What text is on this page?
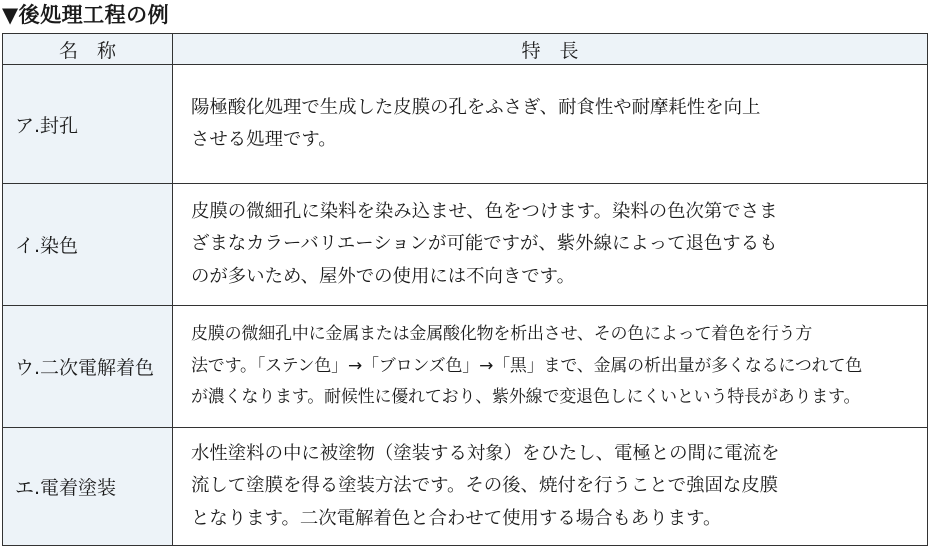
▼後処理工程の例
名　称	特　長
ア.封孔	陽極酸化処理で生成した皮膜の孔をふさぎ、耐食性や耐摩耗性を向上
させる処理です。

イ.染色	皮膜の微細孔に染料を染み込ませ、色をつけます。染料の色次第でさま
ざまなカラーバリエーションが可能ですが、紫外線によって退色するも
のが多いため、屋外での使用には不向きです。

ウ.二次電解着色	皮膜の微細孔中に金属または金属酸化物を析出させ、その色によって着色を行う方
法です。「ステン色」→「ブロンズ色」→「黒」まで、金属の析出量が多くなるにつれて色
が濃くなります。耐候性に優れており、紫外線で変退色しにくいという特長があります。

エ.電着塗装	水性塗料の中に被塗物（塗装する対象）をひたし、電極との間に電流を
流して塗膜を得る塗装方法です。その後、焼付を行うことで強固な皮膜
となります。二次電解着色と合わせて使用する場合もあります。
